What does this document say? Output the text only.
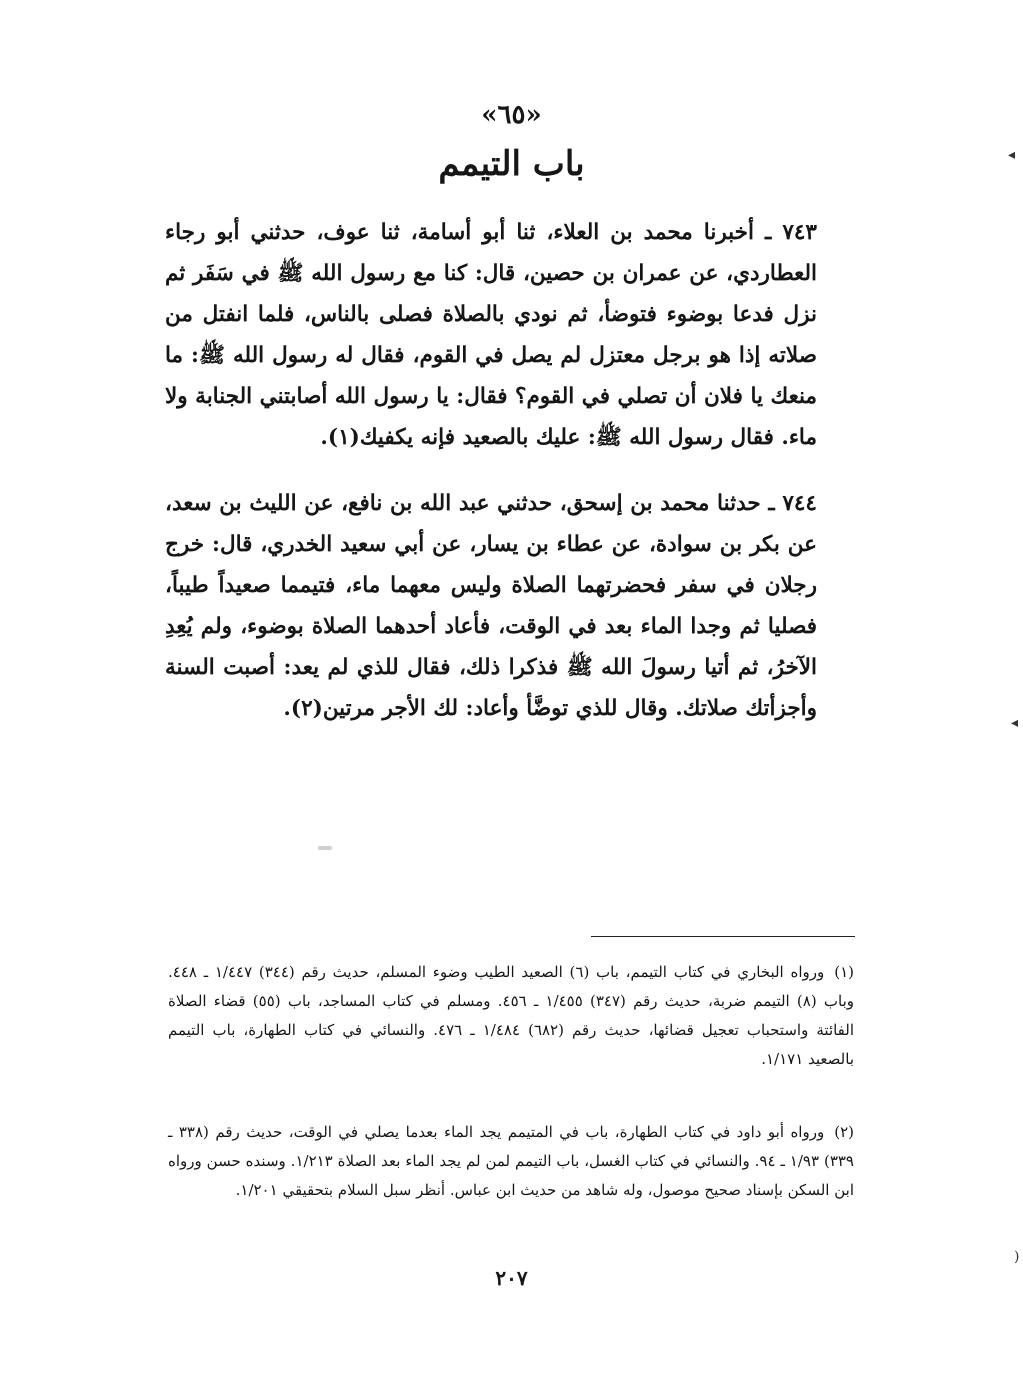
«٦٥»
باب التيمم
٧٤٣ ـ أخبرنا محمد بن العلاء، ثنا أبو أسامة، ثنا عوف، حدثني أبو رجاء العطاردي، عن عمران بن حصين، قال: كنا مع رسول الله ﷺ في سَفَر ثم نزل فدعا بوضوء فتوضأ، ثم نودي بالصلاة فصلى بالناس، فلما انفتل من صلاته إذا هو برجل معتزل لم يصل في القوم، فقال له رسول الله ﷺ: ما منعك يا فلان أن تصلي في القوم؟ فقال: يا رسول الله أصابتني الجنابة ولا ماء. فقال رسول الله ﷺ: عليك بالصعيد فإنه يكفيك(١).
٧٤٤ ـ حدثنا محمد بن إسحق، حدثني عبد الله بن نافع، عن الليث بن سعد، عن بكر بن سوادة، عن عطاء بن يسار، عن أبي سعيد الخدري، قال: خرج رجلان في سفر فحضرتهما الصلاة وليس معهما ماء، فتيمما صعيداً طيباً، فصليا ثم وجدا الماء بعد في الوقت، فأعاد أحدهما الصلاة بوضوء، ولم يُعِدِ الآخرُ، ثم أتيا رسولَ الله ﷺ فذكرا ذلك، فقال للذي لم يعد: أصبت السنة وأجزأتك صلاتك. وقال للذي توضَّأ وأعاد: لك الأجر مرتين(٢).
(١)ورواه البخاري في كتاب التيمم، باب (٦) الصعيد الطيب وضوء المسلم، حديث رقم (٣٤٤) ١/٤٤٧ ـ ٤٤٨. وباب (٨) التيمم ضربة، حديث رقم (٣٤٧) ١/٤٥٥ ـ ٤٥٦. ومسلم في كتاب المساجد، باب (٥٥) قضاء الصلاة الفائتة واستحباب تعجيل قضائها، حديث رقم (٦٨٢) ١/٤٨٤ ـ ٤٧٦. والنسائي في كتاب الطهارة، باب التيمم بالصعيد ١/١٧١.
(٢)ورواه أبو داود في كتاب الطهارة، باب في المتيمم يجد الماء بعدما يصلي في الوقت، حديث رقم (٣٣٨ ـ ٣٣٩) ١/٩٣ ـ ٩٤. والنسائي في كتاب الغسل، باب التيمم لمن لم يجد الماء بعد الصلاة ١/٢١٣. وسنده حسن ورواه ابن السكن بإسناد صحيح موصول، وله شاهد من حديث ابن عباس. أنظر سبل السلام بتحقيقي ١/٢٠١.
٢٠٧
◂
◂
)
